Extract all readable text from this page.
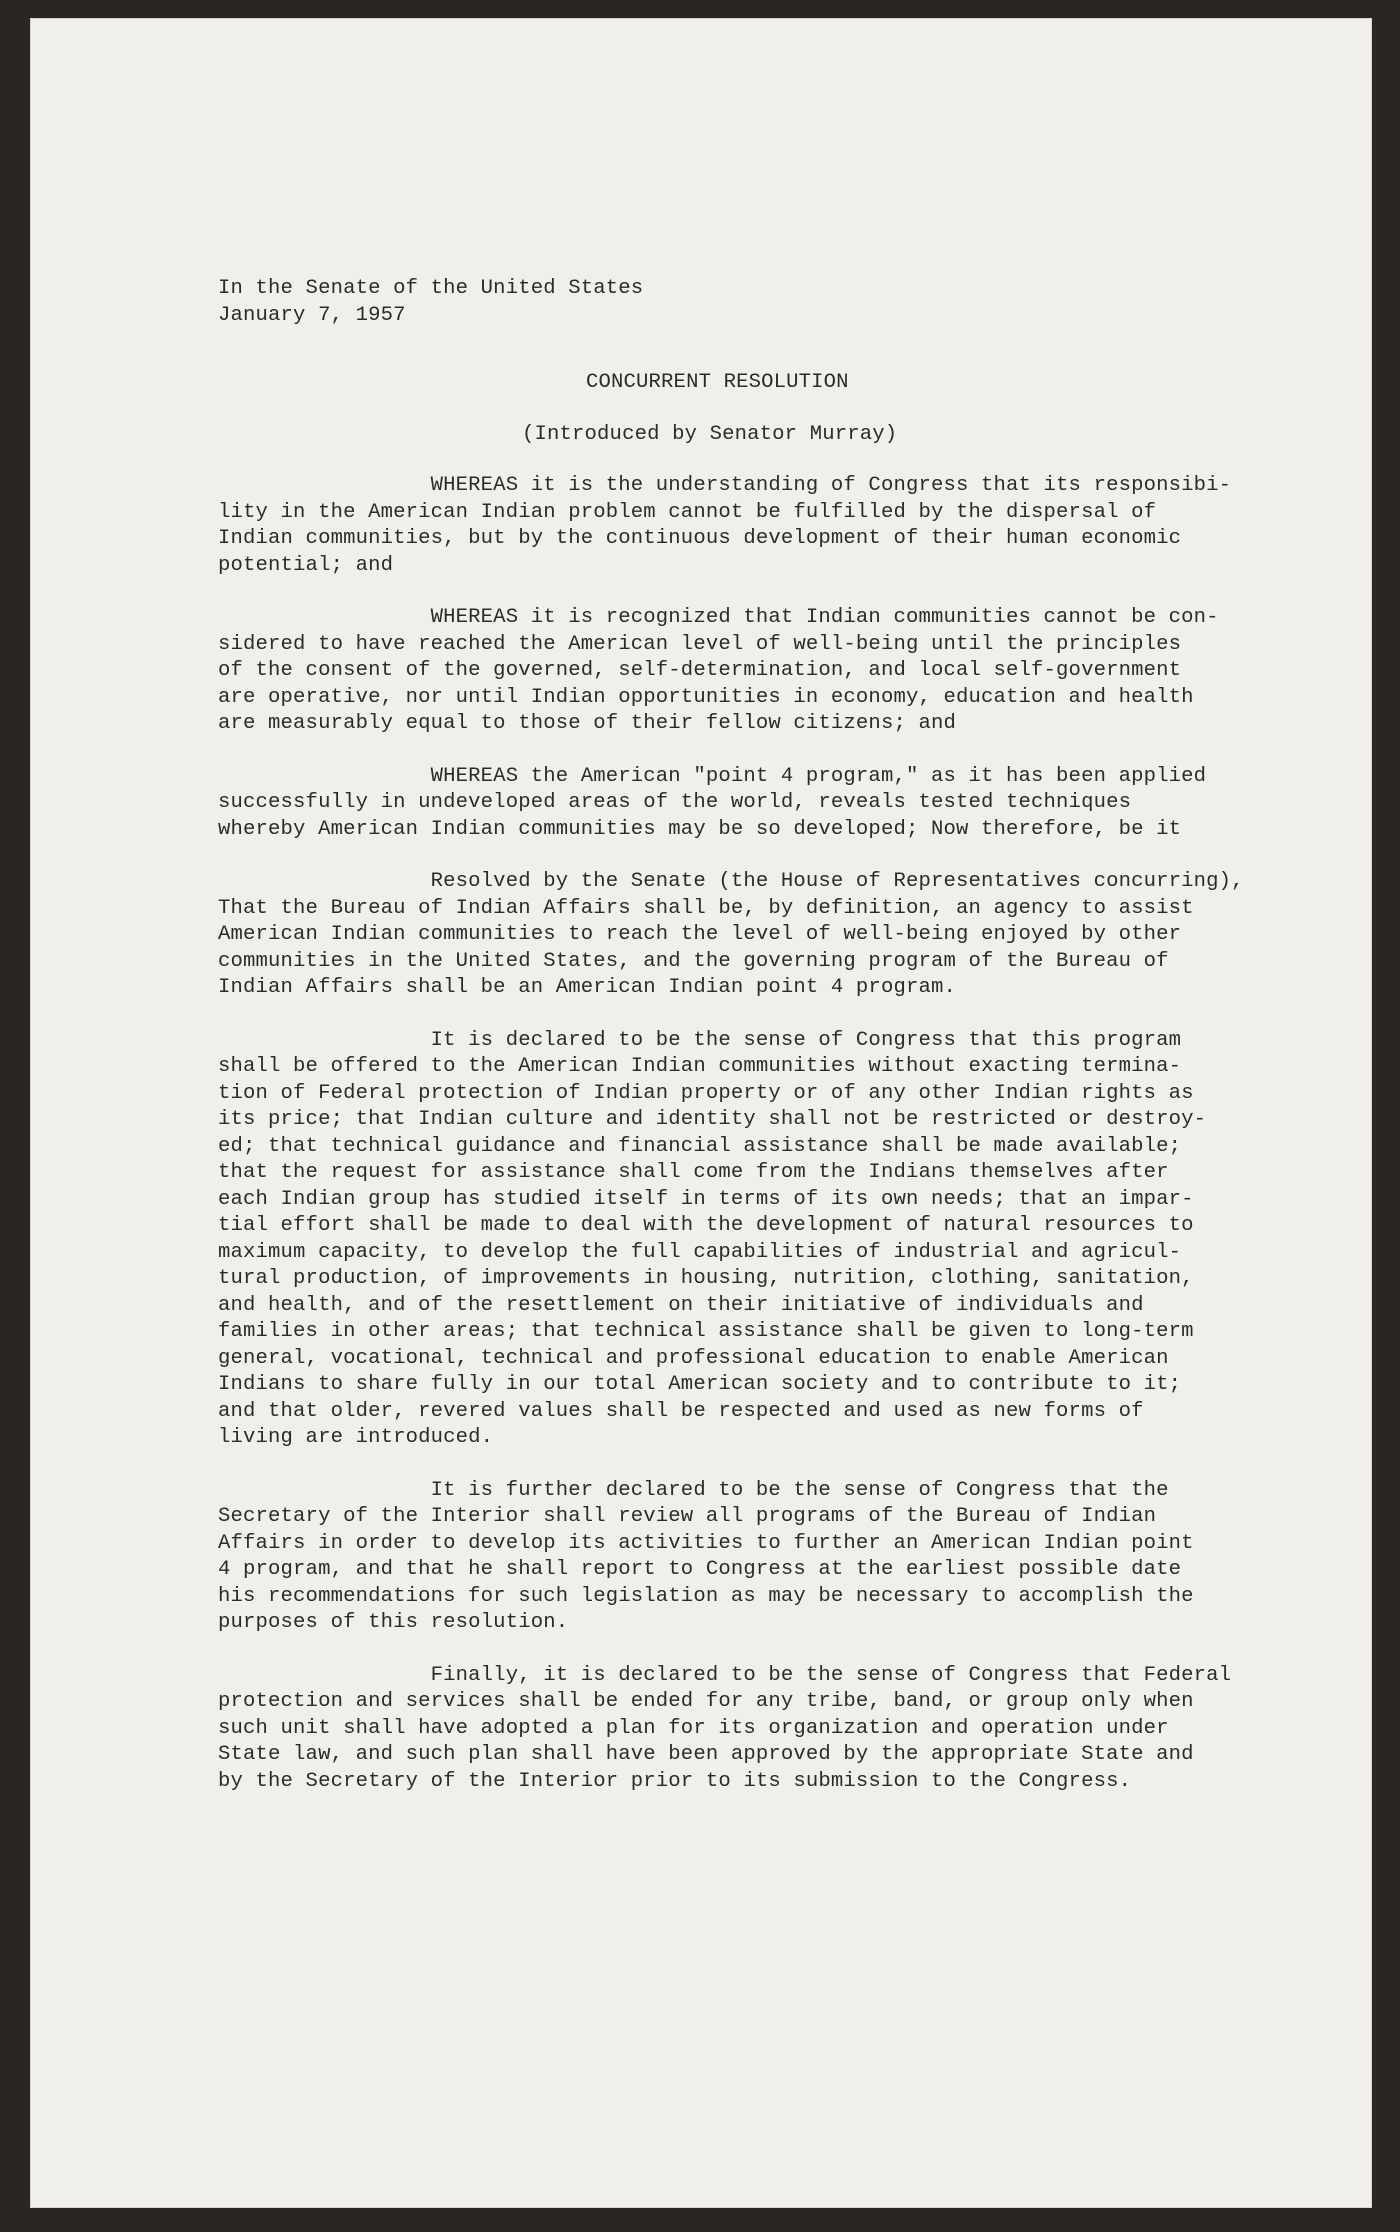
In the Senate of the United States
January 7, 1957
CONCURRENT RESOLUTION
(Introduced by Senator Murray)
WHEREAS it is the understanding of Congress that its responsibi-
lity in the American Indian problem cannot be fulfilled by the dispersal of
Indian communities, but by the continuous development of their human economic
potential; and
WHEREAS it is recognized that Indian communities cannot be con-
sidered to have reached the American level of well-being until the principles
of the consent of the governed, self-determination, and local self-government
are operative, nor until Indian opportunities in economy, education and health
are measurably equal to those of their fellow citizens; and
WHEREAS the American "point 4 program," as it has been applied
successfully in undeveloped areas of the world, reveals tested techniques
whereby American Indian communities may be so developed; Now therefore, be it
Resolved by the Senate (the House of Representatives concurring),
That the Bureau of Indian Affairs shall be, by definition, an agency to assist
American Indian communities to reach the level of well-being enjoyed by other
communities in the United States, and the governing program of the Bureau of
Indian Affairs shall be an American Indian point 4 program.
It is declared to be the sense of Congress that this program
shall be offered to the American Indian communities without exacting termina-
tion of Federal protection of Indian property or of any other Indian rights as
its price; that Indian culture and identity shall not be restricted or destroy-
ed; that technical guidance and financial assistance shall be made available;
that the request for assistance shall come from the Indians themselves after
each Indian group has studied itself in terms of its own needs; that an impar-
tial effort shall be made to deal with the development of natural resources to
maximum capacity, to develop the full capabilities of industrial and agricul-
tural production, of improvements in housing, nutrition, clothing, sanitation,
and health, and of the resettlement on their initiative of individuals and
families in other areas; that technical assistance shall be given to long-term
general, vocational, technical and professional education to enable American
Indians to share fully in our total American society and to contribute to it;
and that older, revered values shall be respected and used as new forms of
living are introduced.
It is further declared to be the sense of Congress that the
Secretary of the Interior shall review all programs of the Bureau of Indian
Affairs in order to develop its activities to further an American Indian point
4 program, and that he shall report to Congress at the earliest possible date
his recommendations for such legislation as may be necessary to accomplish the
purposes of this resolution.
Finally, it is declared to be the sense of Congress that Federal
protection and services shall be ended for any tribe, band, or group only when
such unit shall have adopted a plan for its organization and operation under
State law, and such plan shall have been approved by the appropriate State and
by the Secretary of the Interior prior to its submission to the Congress.
